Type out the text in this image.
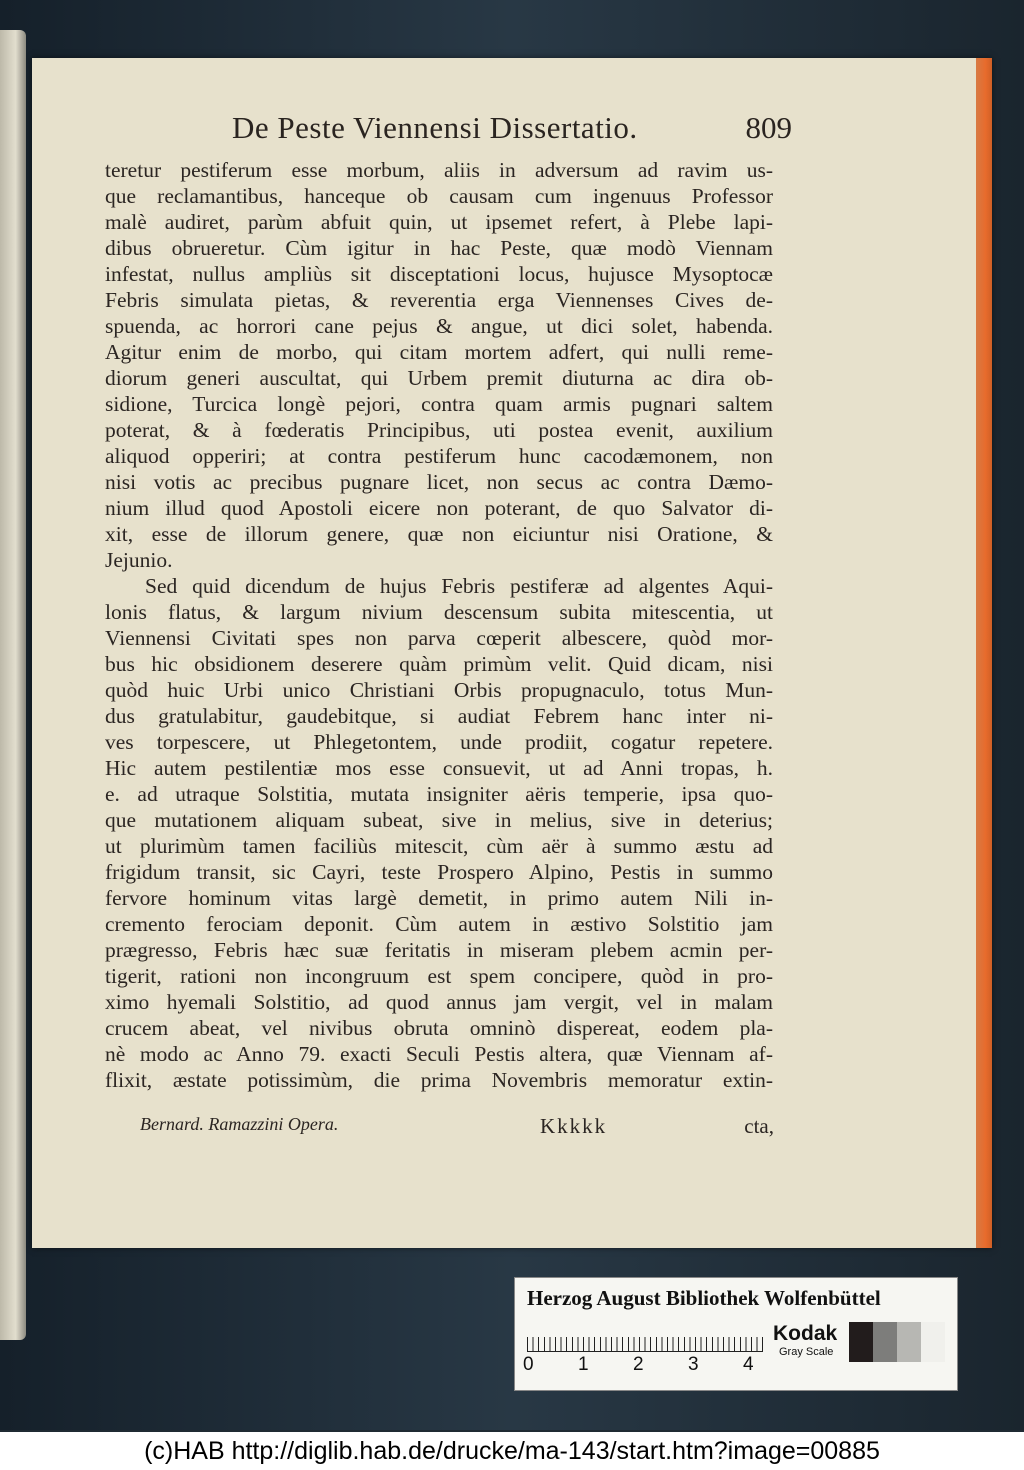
De Peste Viennensi Dissertatio.	809
teretur pestiferum esse morbum, aliis in adversum ad ravim us-
que reclamantibus, hanceque ob causam cum ingenuus Professor
malè audiret, parùm abfuit quin, ut ipsemet refert, à Plebe lapi-
dibus obrueretur. Cùm igitur in hac Peste, quæ modò Viennam
infestat, nullus ampliùs sit disceptationi locus, hujusce Mysoptocæ
Febris simulata pietas, & reverentia erga Viennenses Cives de-
spuenda, ac horrori cane pejus & angue, ut dici solet, habenda.
Agitur enim de morbo, qui citam mortem adfert, qui nulli reme-
diorum generi auscultat, qui Urbem premit diuturna ac dira ob-
sidione, Turcica longè pejori, contra quam armis pugnari saltem
poterat, & à fœderatis Principibus, uti postea evenit, auxilium
aliquod opperiri; at contra pestiferum hunc cacodæmonem, non
nisi votis ac precibus pugnare licet, non secus ac contra Dæmo-
nium illud quod Apostoli eicere non poterant, de quo Salvator di-
xit, esse de illorum genere, quæ non eiciuntur nisi Oratione, &
Jejunio.
Sed quid dicendum de hujus Febris pestiferæ ad algentes Aqui-
lonis flatus, & largum nivium descensum subita mitescentia, ut
Viennensi Civitati spes non parva cœperit albescere, quòd mor-
bus hic obsidionem deserere quàm primùm velit. Quid dicam, nisi
quòd huic Urbi unico Christiani Orbis propugnaculo, totus Mun-
dus gratulabitur, gaudebitque, si audiat Febrem hanc inter ni-
ves torpescere, ut Phlegetontem, unde prodiit, cogatur repetere.
Hic autem pestilentiæ mos esse consuevit, ut ad Anni tropas, h.
e. ad utraque Solstitia, mutata insigniter aëris temperie, ipsa quo-
que mutationem aliquam subeat, sive in melius, sive in deterius;
ut plurimùm tamen faciliùs mitescit, cùm aër à summo æstu ad
frigidum transit, sic Cayri, teste Prospero Alpino, Pestis in summo
fervore hominum vitas largè demetit, in primo autem Nili in-
cremento ferociam deponit. Cùm autem in æstivo Solstitio jam
prægresso, Febris hæc suæ feritatis in miseram plebem acmin per-
tigerit, rationi non incongruum est spem concipere, quòd in pro-
ximo hyemali Solstitio, ad quod annus jam vergit, vel in malam
crucem abeat, vel nivibus obruta omninò dispereat, eodem pla-
nè modo ac Anno 79. exacti Seculi Pestis altera, quæ Viennam af-
flixit, æstate potissimùm, die prima Novembris memoratur extin-
Bernard. Ramazzini Opera.	Kkkkk	cta,
Herzog August Bibliothek Wolfenbüttel
0 1 2 3 4
Kodak
Gray Scale
(c)HAB http://diglib.hab.de/drucke/ma-143/start.htm?image=00885
